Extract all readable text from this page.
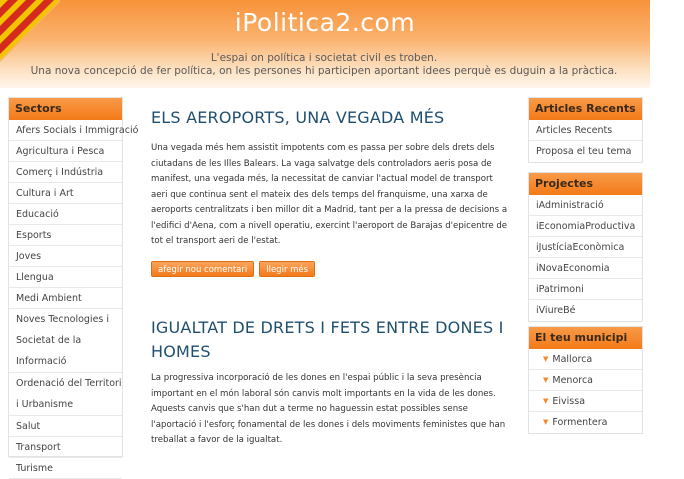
iPolitica2.com
L'espai on política i societat civil es troben.
Una nova concepció de fer política, on les persones hi participen aportant idees perquè es duguin a la pràctica.
Sectors
Afers Socials i Immigració
Agricultura i Pesca
Comerç i Indústria
Cultura i Art
Educació
Esports
Joves
Llengua
Medi Ambient
Noves Tecnologies i Societat de la Informació
Ordenació del Territori i Urbanisme
Salut
Transport
Turisme
ELS AEROPORTS, UNA VEGADA MÉS

Una vegada més hem assistit impotents com es passa per sobre dels drets dels ciutadans de les Illes Balears. La vaga salvatge dels controladors aeris posa de manifest, una vegada més, la necessitat de canviar l'actual model de transport aeri que continua sent el mateix des dels temps del franquisme, una xarxa de aeroports centralitzats i ben millor dit a Madrid, tant per a la pressa de decisions a l'edifici d'Aena, com a nivell operatiu, exercint l'aeroport de Barajas d'epicentre de tot el transport aeri de l'estat.

afegir nou comentari	llegir més
IGUALTAT DE DRETS I FETS ENTRE DONES I HOMES

La progressiva incorporació de les dones en l'espai públic i la seva presència important en el món laboral són canvis molt importants en la vida de les dones. Aquests canvis que s'han dut a terme no haguessin estat possibles sense l'aportació i l'esforç fonamental de les dones i dels moviments feministes que han treballat a favor de la igualtat.

Articles Recents
Articles Recents
Proposa el teu tema
Projectes
iAdministració
iEconomiaProductiva
iJustíciaEconòmica
iNovaEconomia
iPatrimoni
iViureBé
El teu municipi
▼ Mallorca
▼ Menorca
▼ Eivissa
▼ Formentera
